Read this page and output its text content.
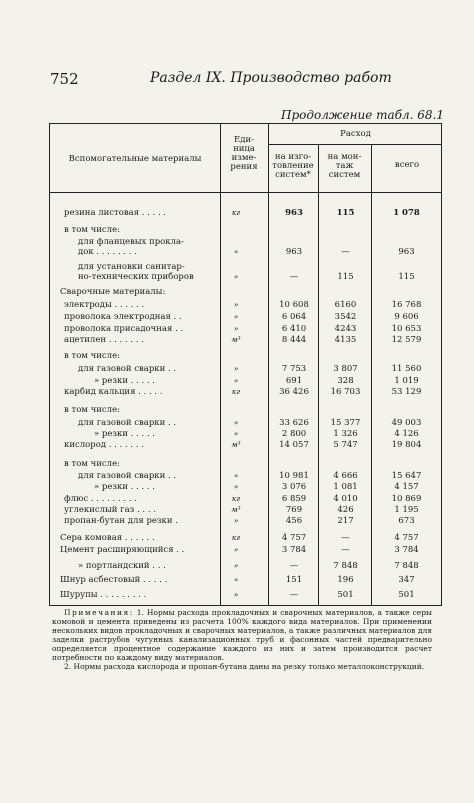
752	Раздел IX. Производство работ
Продолжение табл. 68.1
Вспомогательные материалы
Еди-
ница
изме-
рения
Расход
на изго-
товление
систем*
на мон-
таж
систем
всего
резина листовая . . . . .	кг	963	115	1 078
в том числе:
для фланцевых прокла-
док . . . . . . . .	»	963	—	963
для установки санитар-
но-технических приборов	»	—	115	115
Сварочные материалы:
электроды . . . . . .	»	10 608	6160	16 768
проволока электродная . .	»	6 064	3542	9 606
проволока присадочная . .	»	6 410	4243	10 653
ацетилен . . . . . . .	м³	8 444	4135	12 579
в том числе:
для газовой сварки . .	»	7 753	3 807	11 560
» резки . . . . .	»	691	328	1 019
карбид кальция . . . . .	кг	36 426	16 703	53 129
в том числе:
для газовой сварки . .	»	33 626	15 377	49 003
» резки . . . . .	»	2 800	1 326	4 126
кислород . . . . . . .	м³	14 057	5 747	19 804
в том числе:
для газовой сварки . .	»	10 981	4 666	15 647
» резки . . . . .	»	3 076	1 081	4 157
флюс . . . . . . . . .	кг	6 859	4 010	10 869
углекислый газ . . . .	м³	769	426	1 195
пропан-бутан для резки .	»	456	217	673
Сера комовая . . . . . .	кг	4 757	—	4 757
Цемент расширяющийся . .	»	3 784	—	3 784
» портландский . . .	»	—	7 848	7 848
Шнур асбестовый . . . . .	»	151	196	347
Шурупы . . . . . . . . .	»	—	501	501

Примечания: 1. Нормы расхода прокладочных и сварочных материалов, а также серы комовой и цемента приведены из расчета 100% каждого вида материалов. При применении нескольких видов прокладочных и сварочных материалов, а также различных материалов для заделки раструбов чугунных канализационных труб и фасонных частей предварительно определяется процентное содержание каждого из них и затем производится расчет потребности по каждому виду материалов.

2. Нормы расхода кислорода и пропан-бутана даны на резку только металлоконструкций.
